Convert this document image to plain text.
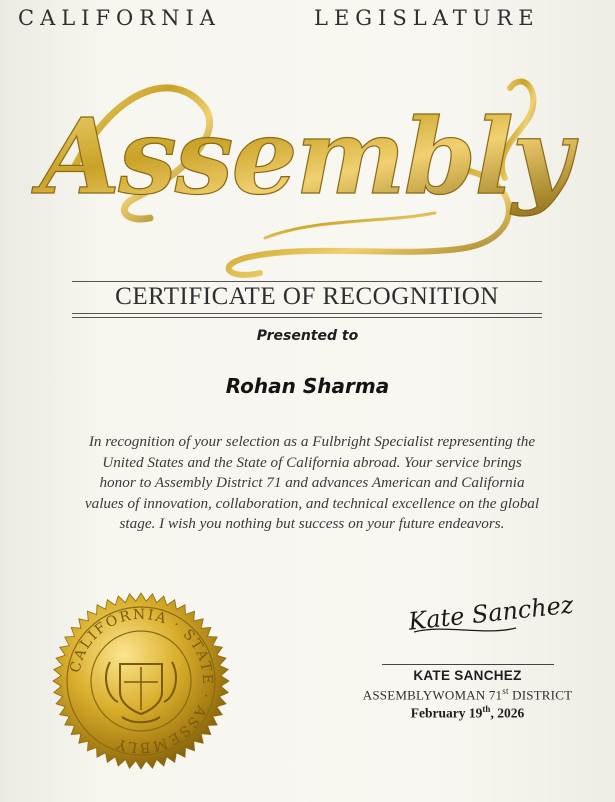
CALIFORNIA	LEGISLATURE
Assembly
CERTIFICATE OF RECOGNITION
Presented to
Rohan Sharma
In recognition of your selection as a Fulbright Specialist representing the
United States and the State of California abroad. Your service brings
honor to Assembly District 71 and advances American and California
values of innovation, collaboration, and technical excellence on the global
stage. I wish you nothing but success on your future endeavors.
CALIFORNIA · STATE · ASSEMBLY
Kate Sanchez
KATE SANCHEZ
ASSEMBLYWOMAN 71st DISTRICT
February 19th, 2026
